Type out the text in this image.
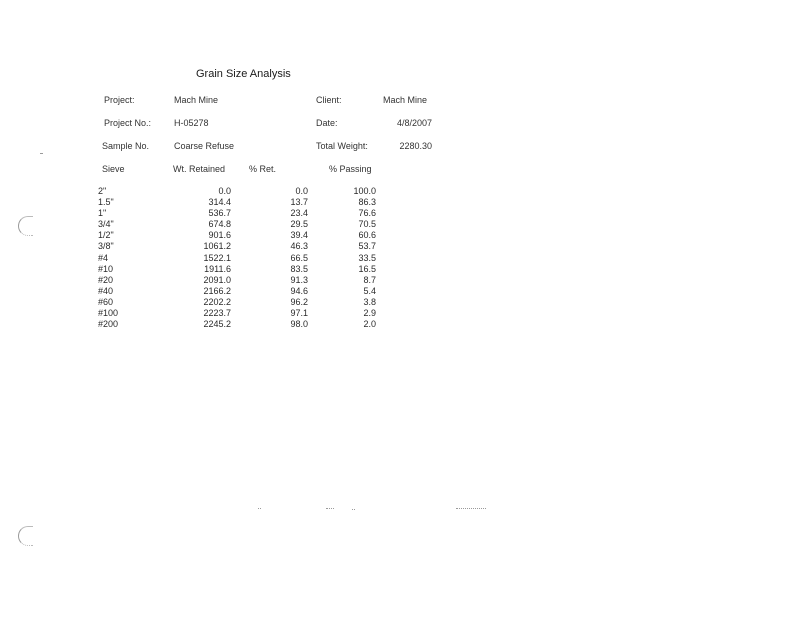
Grain Size Analysis
Project:	Mach Mine	Client:	Mach Mine
Project No.:	H-05278	Date:	4/8/2007
Sample No.	Coarse Refuse	Total Weight:	2280.30
Sieve	Wt. Retained	% Ret.	% Passing
2"	0.0	0.0	100.0
1.5"	314.4	13.7	86.3
1"	536.7	23.4	76.6
3/4"	674.8	29.5	70.5
1/2"	901.6	39.4	60.6
3/8"	1061.2	46.3	53.7
#4	1522.1	66.5	33.5
#10	1911.6	83.5	16.5
#20	2091.0	91.3	8.7
#40	2166.2	94.6	5.4
#60	2202.2	96.2	3.8
#100	2223.7	97.1	2.9
#200	2245.2	98.0	2.0
